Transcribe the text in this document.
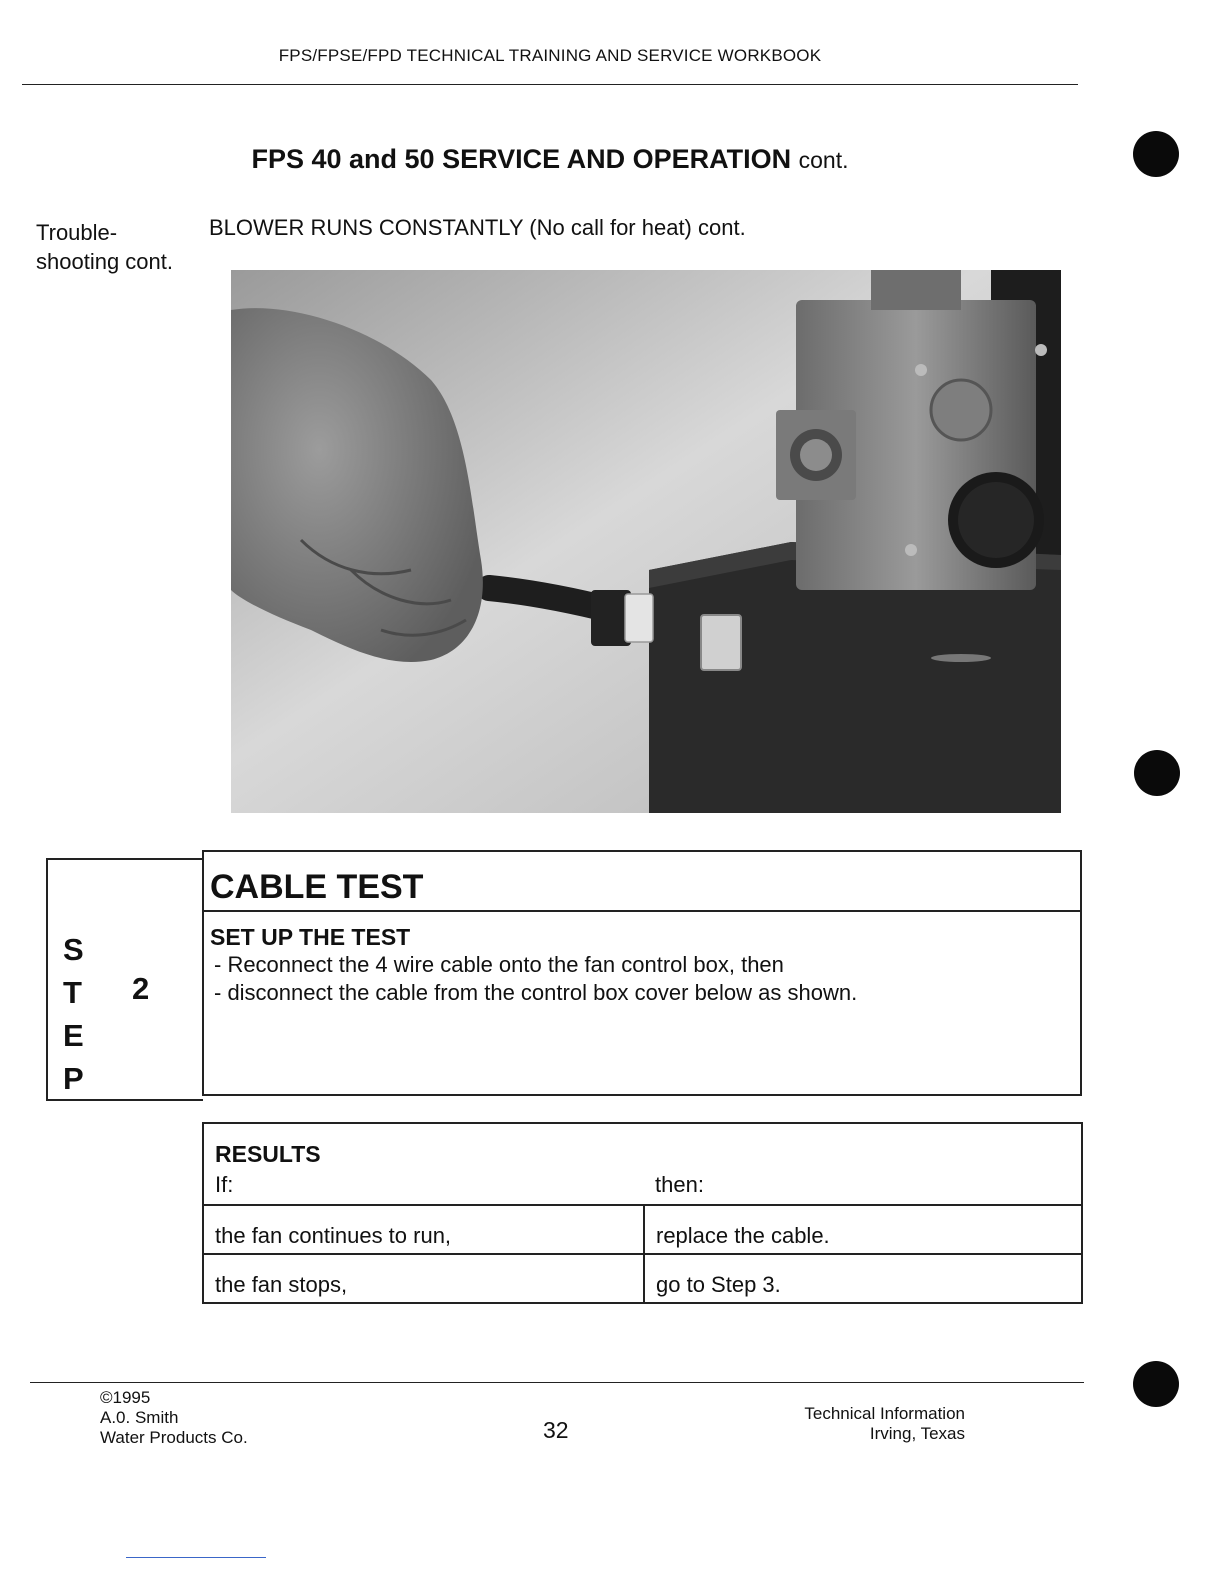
FPS/FPSE/FPD TECHNICAL TRAINING AND SERVICE WORKBOOK
FPS 40 and 50 SERVICE AND OPERATION cont.
Trouble-
shooting cont.
BLOWER RUNS CONSTANTLY (No call for heat) cont.
S
T
E
P
2
CABLE TEST
SET UP THE TEST
- Reconnect the 4 wire cable onto the fan control box, then
- disconnect the cable from the control box cover below as shown.
RESULTS
If:	then:
the fan continues to run,	replace the cable.
the fan stops,	go to Step 3.
©1995
A.0. Smith
Water Products Co.	32
Technical Information
Irving, Texas
